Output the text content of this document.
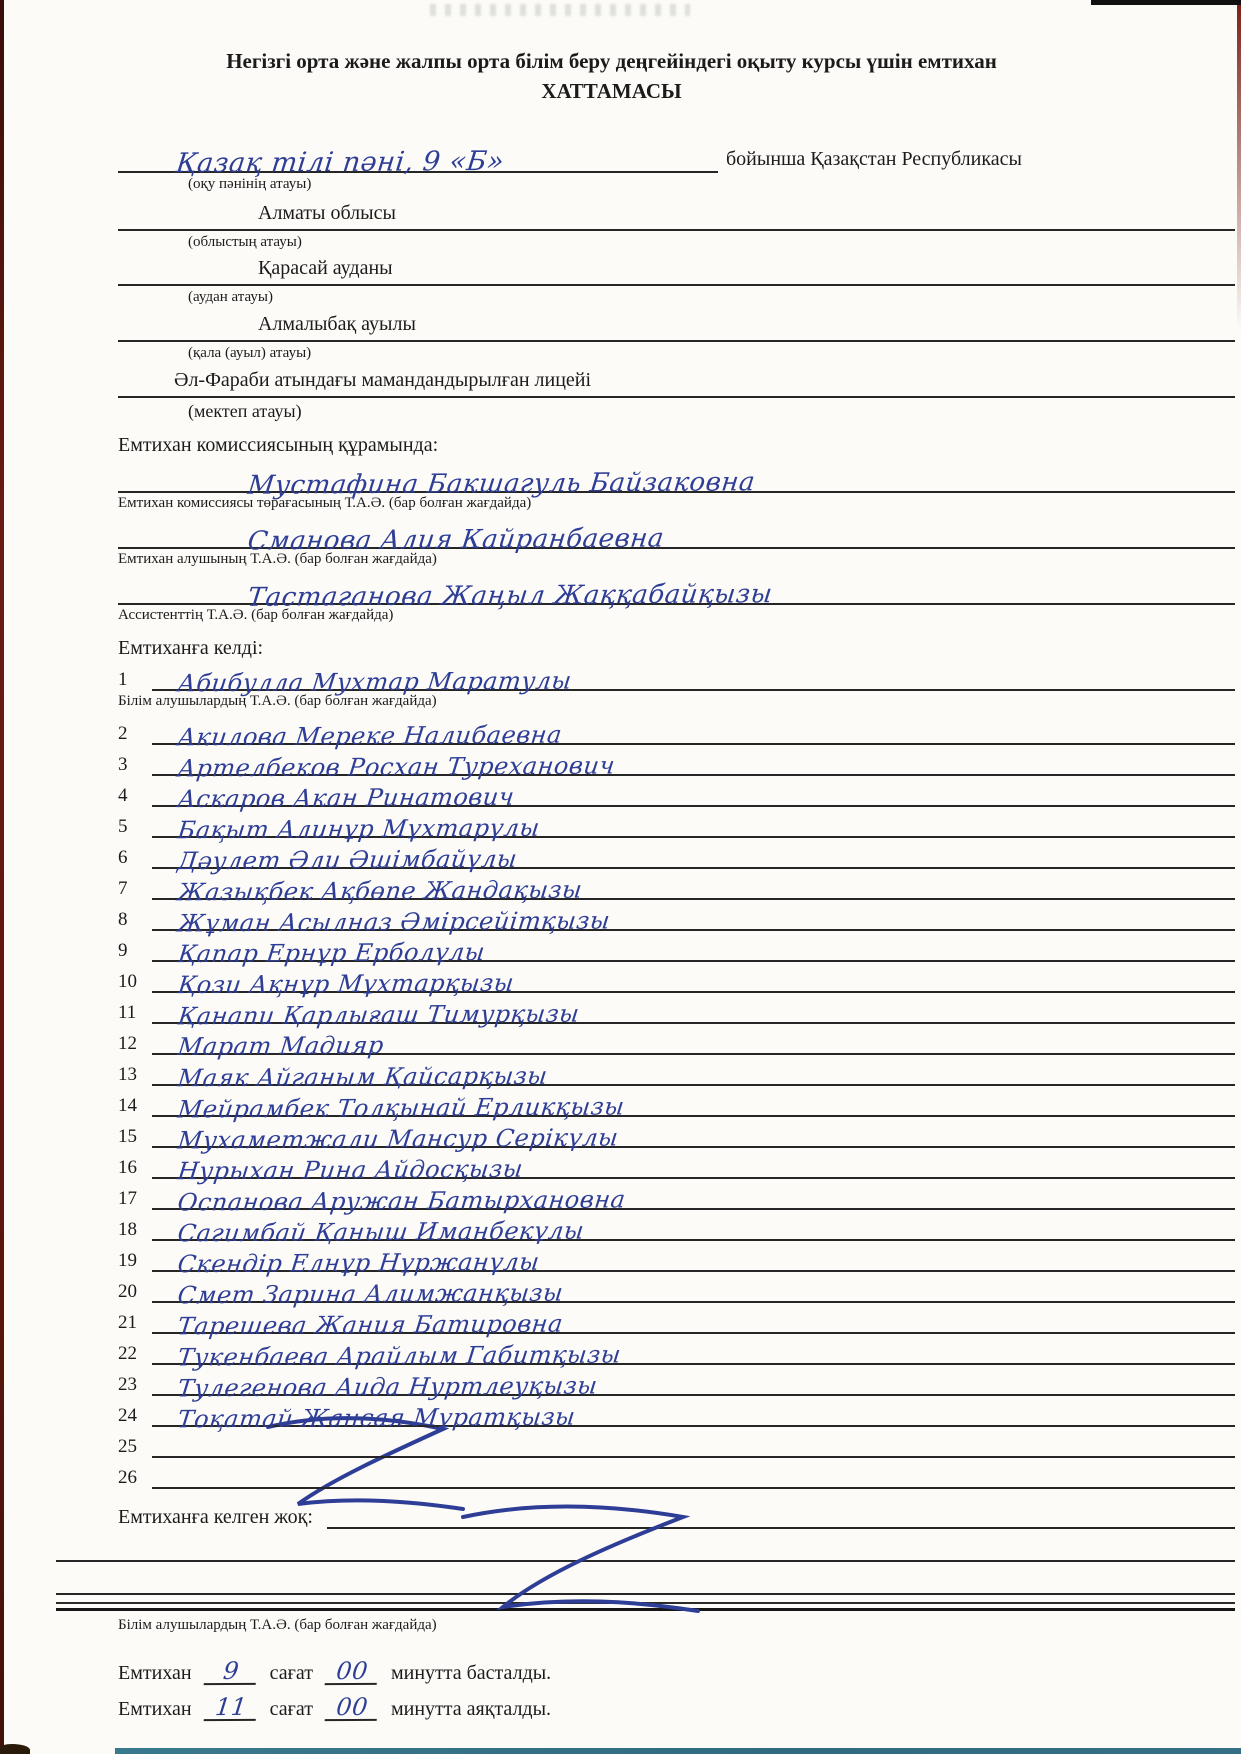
Негізгі орта және жалпы орта білім беру деңгейіндегі оқыту курсы үшін емтихан
ХАТТАМАСЫ
Қазақ тілі пәні, 9 «Б»	бойынша Қазақстан Республикасы
(оқу пәнінің атауы)
Алматы облысы
(облыстың атауы)
Қарасай ауданы
(аудан атауы)
Алмалыбақ ауылы
(қала (ауыл) атауы)
Әл-Фараби атындағы мамандандырылған лицейі
(мектеп атауы)
Емтихан комиссиясының құрамында:
Мустафина Бакшагуль Байзаковна
Емтихан комиссиясы төрағасының Т.А.Ә. (бар болған жағдайда)
Сманова Алия Кайранбаевна
Емтихан алушының Т.А.Ә. (бар болған жағдайда)
Тастаганова Жаңыл Жаққабайқызы
Ассистенттің Т.А.Ә. (бар болған жағдайда)
Емтиханға келді:
1	Абибулла Мухтар Маратулы
Білім алушылардың Т.А.Ә. (бар болған жағдайда)
2	Акилова Мереке Налибаевна
3	Артелбеков Росхан Туреханович
4	Аскаров Акан Ринатович
5	Бақыт Алинұр Мұхтарұлы
6	Дәулет Әли Әшімбайұлы
7	Жазықбек Ақбөпе Жандақызы
8	Жұман Асылназ Әмірсейітқызы
9	Қапар Ернұр Ерболұлы
10	Қози Ақнұр Мұхтарқызы
11	Қанапи Қарлығаш Тимурқызы
12	Марат Мадияр
13	Маяк Айганым Қайсарқызы
14	Мейрамбек Толқынай Ерликқызы
15	Мухаметжали Мансур Серікұлы
16	Нурыхан Рина Айдосқызы
17	Оспанова Аружан Батырхановна
18	Сагимбай Қаныш Иманбекұлы
19	Скендір Елнұр Нұржанұлы
20	Смет Зарина Алимжанқызы
21	Тарешева Жания Батировна
22	Тукенбаева Арайлым Габитқызы
23	Тулегенова Аида Нуртлеуқызы
24	Тоқатай Жансая Мұратқызы
25
26
Емтиханға келген жоқ:
Білім алушылардың Т.А.Ә. (бар болған жағдайда)
Емтихан 9 сағат 00 минутта басталды.
Емтихан 11 сағат 00 минутта аяқталды.
